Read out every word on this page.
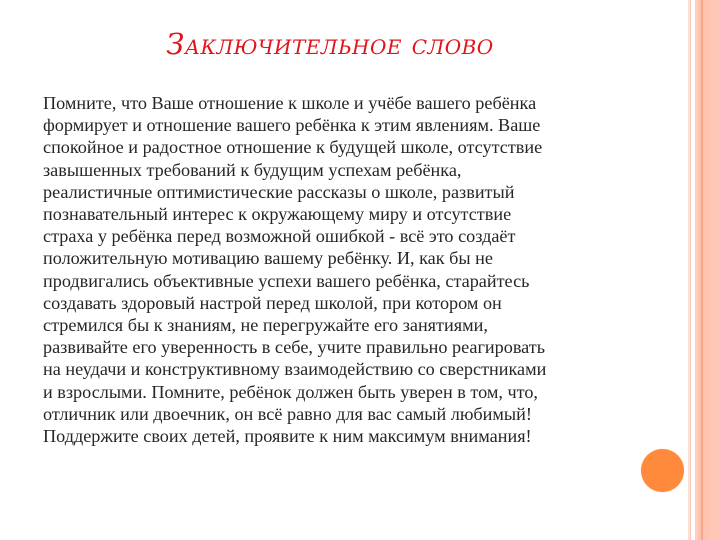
Заключительное слово

Помните, что Ваше отношение к школе и учёбе вашего ребёнка
формирует и отношение вашего ребёнка к этим явлениям. Ваше
спокойное и радостное отношение к будущей школе, отсутствие
завышенных требований к будущим успехам ребёнка,
реалистичные оптимистические рассказы о школе, развитый
познавательный интерес к окружающему миру и отсутствие
страха у ребёнка перед возможной ошибкой - всё это создаёт
положительную мотивацию вашему ребёнку. И, как бы не
продвигались объективные успехи вашего ребёнка, старайтесь
создавать здоровый настрой перед школой, при котором он
стремился бы к знаниям, не перегружайте его занятиями,
развивайте его уверенность в себе, учите правильно реагировать
на неудачи и конструктивному взаимодействию со сверстниками
и взрослыми. Помните, ребёнок должен быть уверен в том, что,
отличник или двоечник, он всё равно для вас самый любимый!
Поддержите своих детей, проявите к ним максимум внимания!
